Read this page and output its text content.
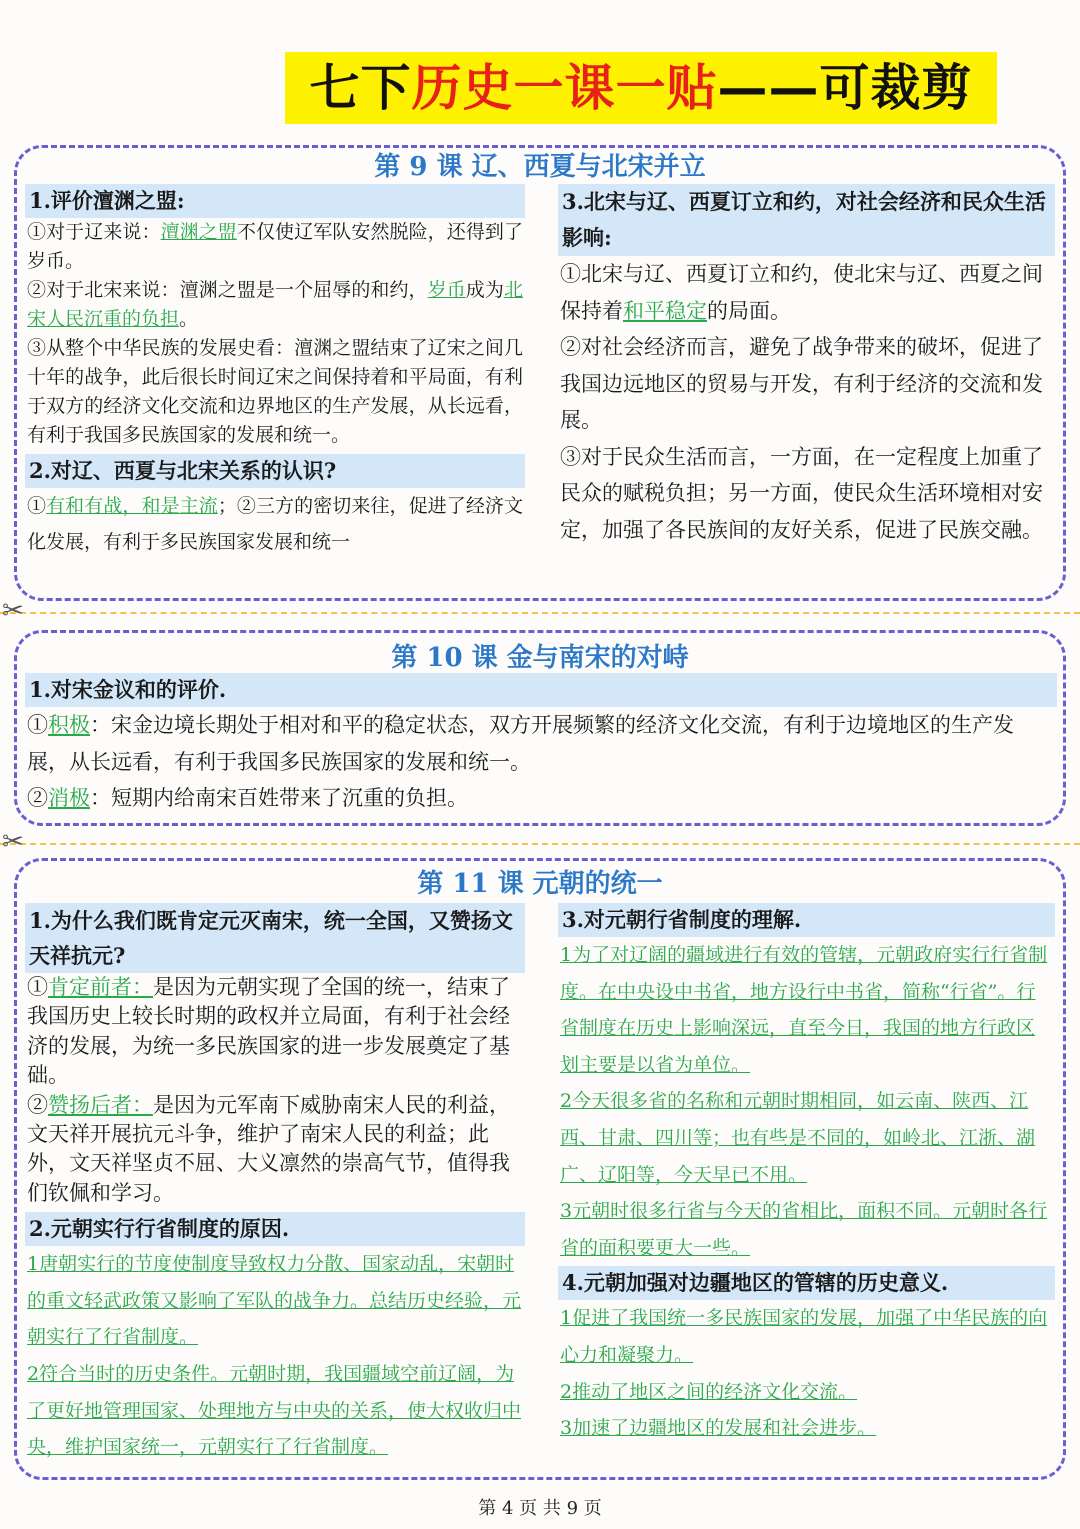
七下历史一课一贴——可裁剪
第 9 课 辽、西夏与北宋并立

1.评价澶渊之盟:

①对于辽来说：澶渊之盟不仅使辽军队安然脱险，还得到了岁币。

②对于北宋来说：澶渊之盟是一个屈辱的和约，岁币成为北宋人民沉重的负担。

③从整个中华民族的发展史看：澶渊之盟结束了辽宋之间几十年的战争，此后很长时间辽宋之间保持着和平局面，有利于双方的经济文化交流和边界地区的生产发展，从长远看，有利于我国多民族国家的发展和统一。

2.对辽、西夏与北宋关系的认识?

①有和有战，和是主流；②三方的密切来往，促进了经济文化发展，有利于多民族国家发展和统一

3.北宋与辽、西夏订立和约，对社会经济和民众生活影响:

①北宋与辽、西夏订立和约，使北宋与辽、西夏之间保持着和平稳定的局面。

②对社会经济而言，避免了战争带来的破坏，促进了我国边远地区的贸易与开发，有利于经济的交流和发展。

③对于民众生活而言，一方面，在一定程度上加重了民众的赋税负担；另一方面，使民众生活环境相对安定，加强了各民族间的友好关系，促进了民族交融。

✂
第 10 课 金与南宋的对峙

1.对宋金议和的评价.

①积极：宋金边境长期处于相对和平的稳定状态，双方开展频繁的经济文化交流，有利于边境地区的生产发展，从长远看，有利于我国多民族国家的发展和统一。

②消极：短期内给南宋百姓带来了沉重的负担。

✂
第 11 课 元朝的统一

1.为什么我们既肯定元灭南宋，统一全国，又赞扬文天祥抗元?

①肯定前者：是因为元朝实现了全国的统一，结束了我国历史上较长时期的政权并立局面，有利于社会经济的发展，为统一多民族国家的进一步发展奠定了基础。

②赞扬后者：是因为元军南下威胁南宋人民的利益，文天祥开展抗元斗争，维护了南宋人民的利益；此外，文天祥坚贞不屈、大义凛然的崇高气节，值得我们钦佩和学习。

2.元朝实行行省制度的原因.

1唐朝实行的节度使制度导致权力分散、国家动乱，宋朝时的重文轻武政策又影响了军队的战争力。总结历史经验，元朝实行了行省制度。

2符合当时的历史条件。元朝时期，我国疆域空前辽阔，为了更好地管理国家、处理地方与中央的关系，使大权收归中央，维护国家统一，元朝实行了行省制度。

3.对元朝行省制度的理解.

1为了对辽阔的疆域进行有效的管辖，元朝政府实行行省制度。在中央设中书省，地方设行中书省，简称“行省”。行省制度在历史上影响深远，直至今日，我国的地方行政区划主要是以省为单位。

2今天很多省的名称和元朝时期相同，如云南、陕西、江西、甘肃、四川等；也有些是不同的，如岭北、江浙、湖广、辽阳等，今天早已不用。

3元朝时很多行省与今天的省相比，面积不同。元朝时各行省的面积要更大一些。

4.元朝加强对边疆地区的管辖的历史意义.

1促进了我国统一多民族国家的发展，加强了中华民族的向心力和凝聚力。

2推动了地区之间的经济文化交流。

3加速了边疆地区的发展和社会进步。

第 4 页 共 9 页
